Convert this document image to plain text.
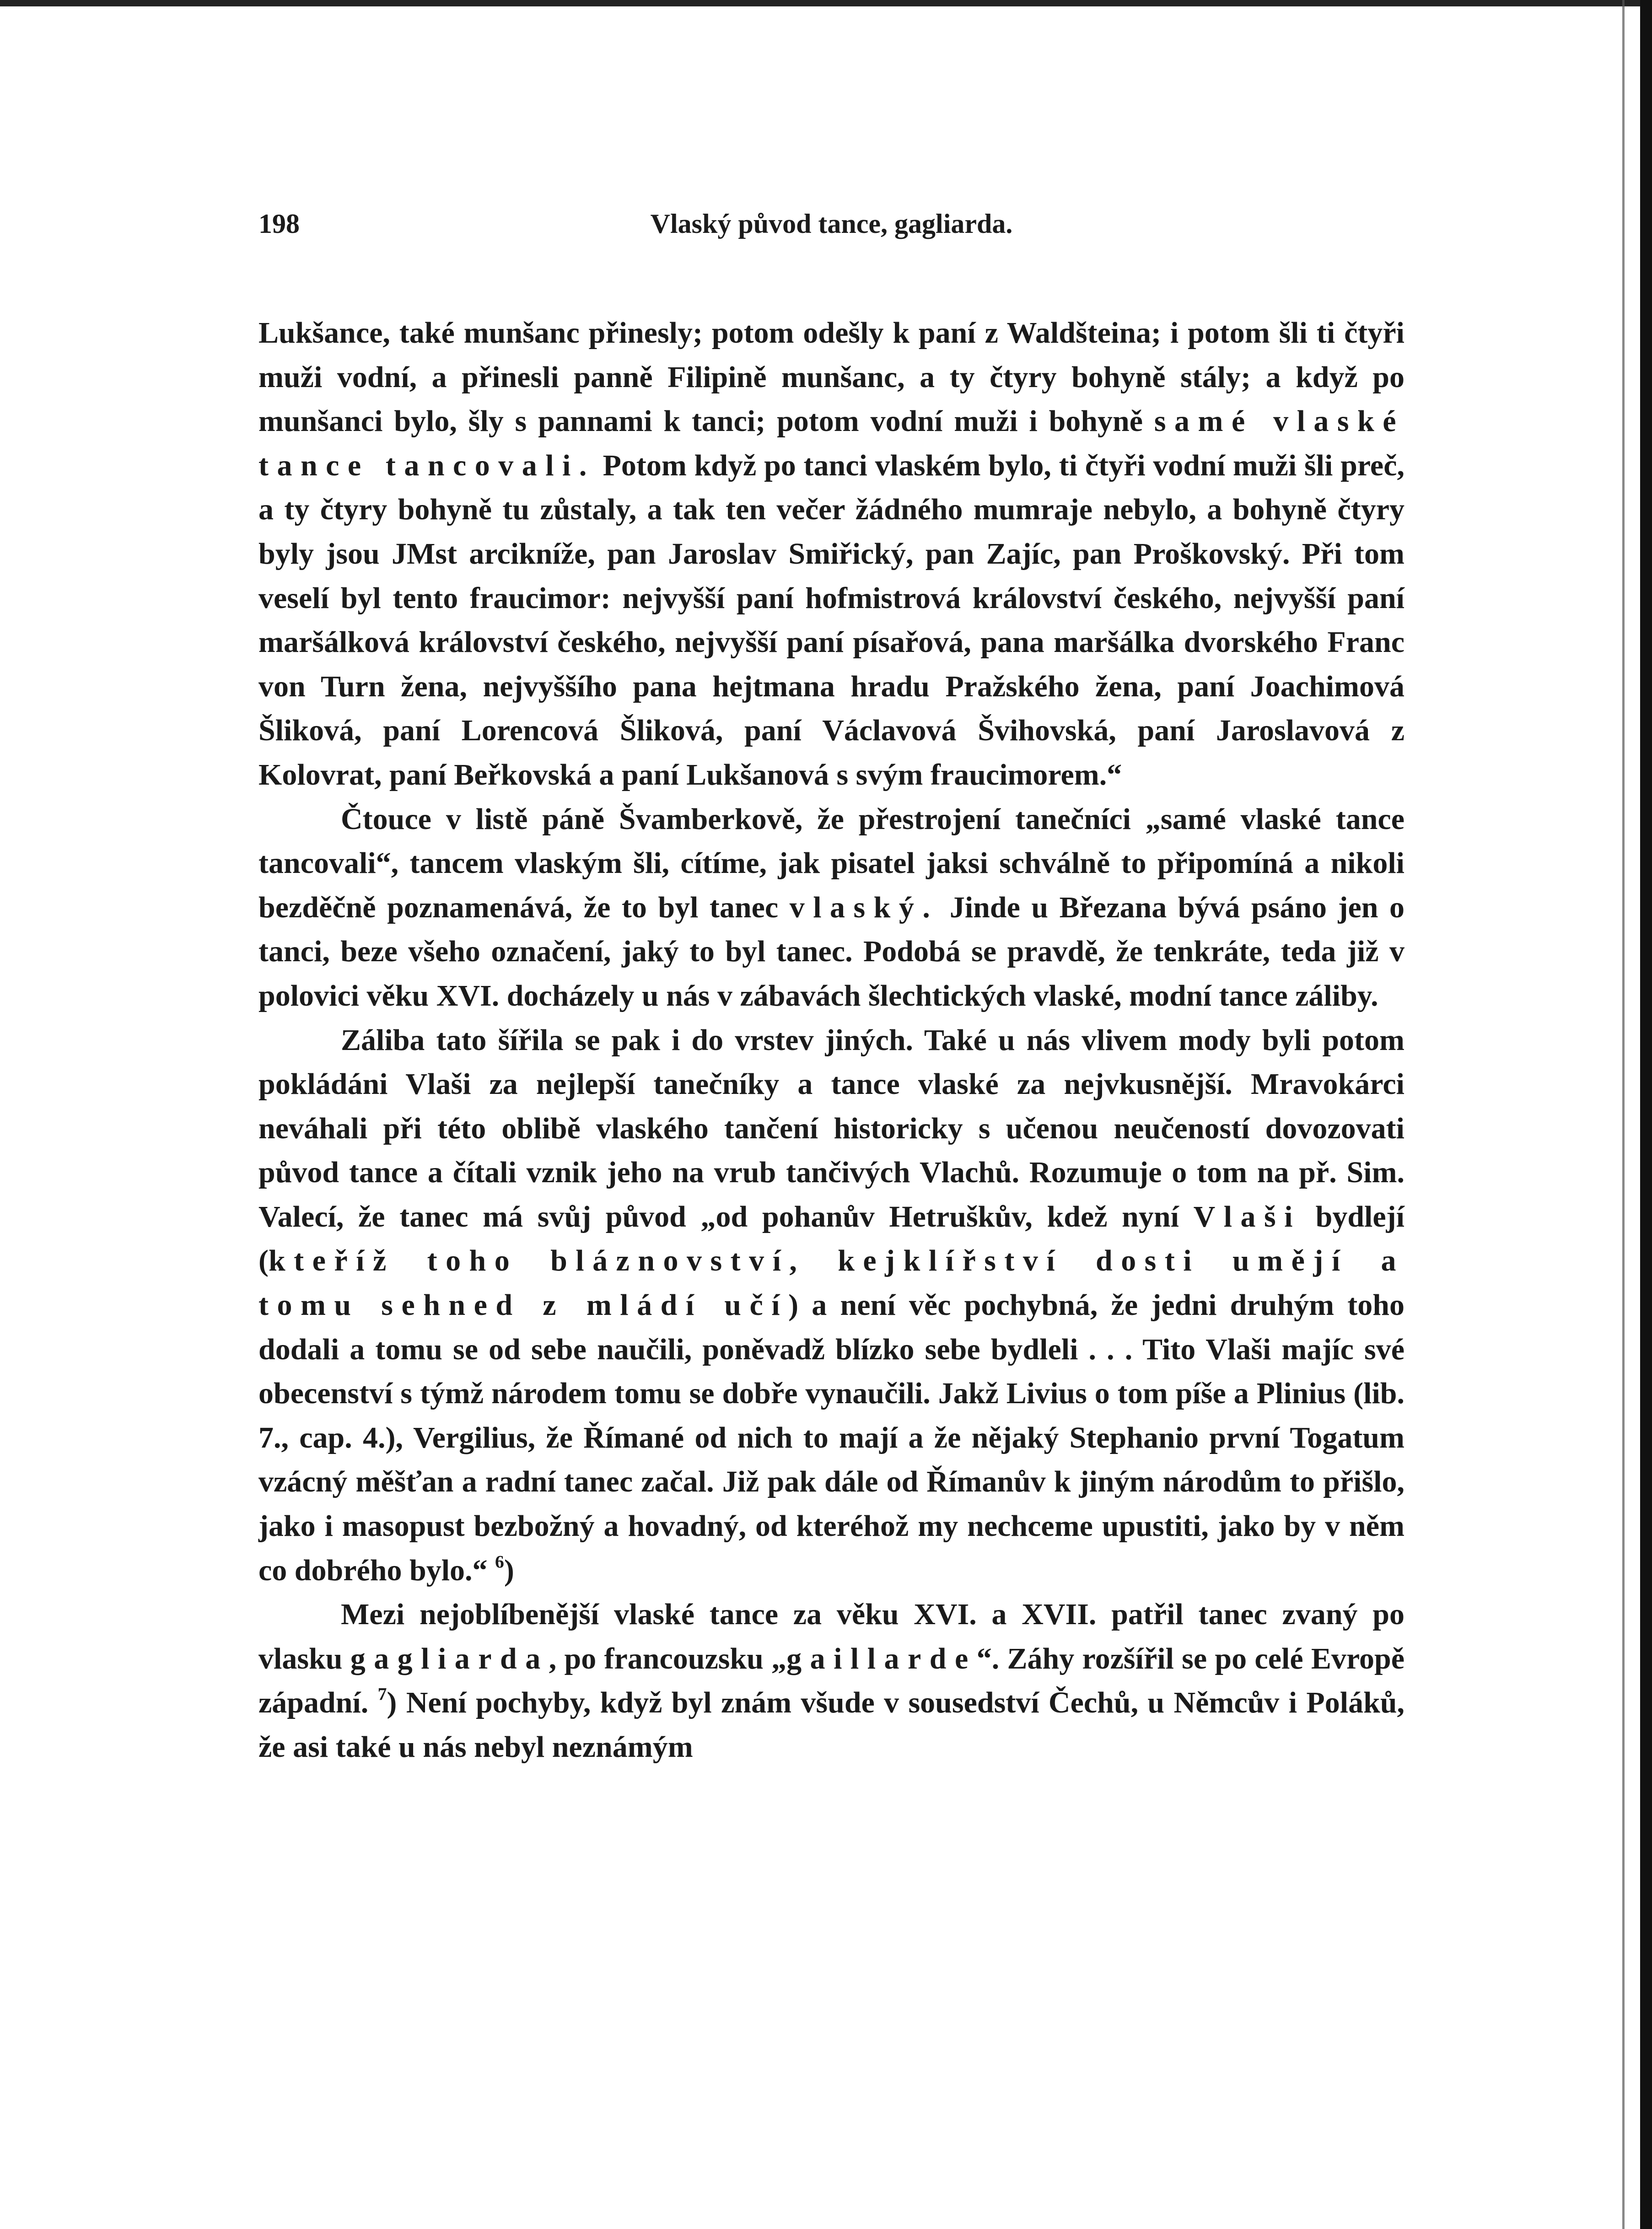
198	Vlaský původ tance, gagliarda.

Lukšance, také munšanc přinesly; potom odešly k paní z Waldšteina; i potom šli ti čtyři muži vodní, a přinesli panně Filipině munšanc, a ty čtyry bohyně stály; a když po munšanci bylo, šly s pannami k tanci; potom vodní muži i bohyně samé vlaské tance tancovali. Potom když po tanci vlaském bylo, ti čtyři vodní muži šli preč, a ty čtyry bohyně tu zůstaly, a tak ten večer žádného mumraje nebylo, a bohyně čtyry byly jsou JMst arcikníže, pan Jaroslav Smiřický, pan Zajíc, pan Proškovský. Při tom veselí byl tento fraucimor: nejvyšší paní hofmistrová království českého, nejvyšší paní maršálková království českého, nejvyšší paní písařová, pana maršálka dvorského Franc von Turn žena, nejvyššího pana hejtmana hradu Pražského žena, paní Joachimová Šliková, paní Lorencová Šliková, paní Václavová Švihovská, paní Jaroslavová z Kolovrat, paní Beřkovská a paní Lukšanová s svým fraucimorem.“

Čtouce v listě páně Švamberkově, že přestrojení tanečníci „samé vlaské tance tancovali“, tancem vlaským šli, cítíme, jak pisatel jaksi schválně to připomíná a nikoli bezděčně poznamenává, že to byl tanec vlaský. Jinde u Březana bývá psáno jen o tanci, beze všeho označení, jaký to byl tanec. Podobá se pravdě, že tenkráte, teda již v polovici věku XVI. docházely u nás v zábavách šlechtických vlaské, modní tance záliby.

Záliba tato šířila se pak i do vrstev jiných. Také u nás vlivem mody byli potom pokládáni Vlaši za nejlepší tanečníky a tance vlaské za nejvkusnější. Mravokárci neváhali při této oblibě vlaského tančení historicky s učenou neučeností dovozovati původ tance a čítali vznik jeho na vrub tančivých Vlachů. Rozumuje o tom na př. Sim. Valecí, že tanec má svůj původ „od pohanův Hetruškův, kdež nyní Vlaši bydlejí (kteříž toho bláznovství, kejklířství dosti umějí a tomu sehned z mládí učí) a není věc pochybná, že jedni druhým toho dodali a tomu se od sebe naučili, poněvadž blízko sebe bydleli . . . Tito Vlaši majíc své obecenství s týmž národem tomu se dobře vynaučili. Jakž Livius o tom píše a Plinius (lib. 7., cap. 4.), Vergilius, že Římané od nich to mají a že nějaký Stephanio první Togatum vzácný měšťan a radní tanec začal. Již pak dále od Římanův k jiným národům to přišlo, jako i masopust bezbožný a hovadný, od kteréhož my nechceme upustiti, jako by v něm co dobrého bylo.“ $^6$)

Mezi nejoblíbenější vlaské tance za věku XVI. a XVII. patřil tanec zvaný po vlasku gagliarda, po francouzsku „gaillarde“. Záhy rozšířil se po celé Evropě západní. $^7$) Není pochyby, když byl znám všude v sousedství Čechů, u Němcův i Poláků, že asi také u nás nebyl neznámým
